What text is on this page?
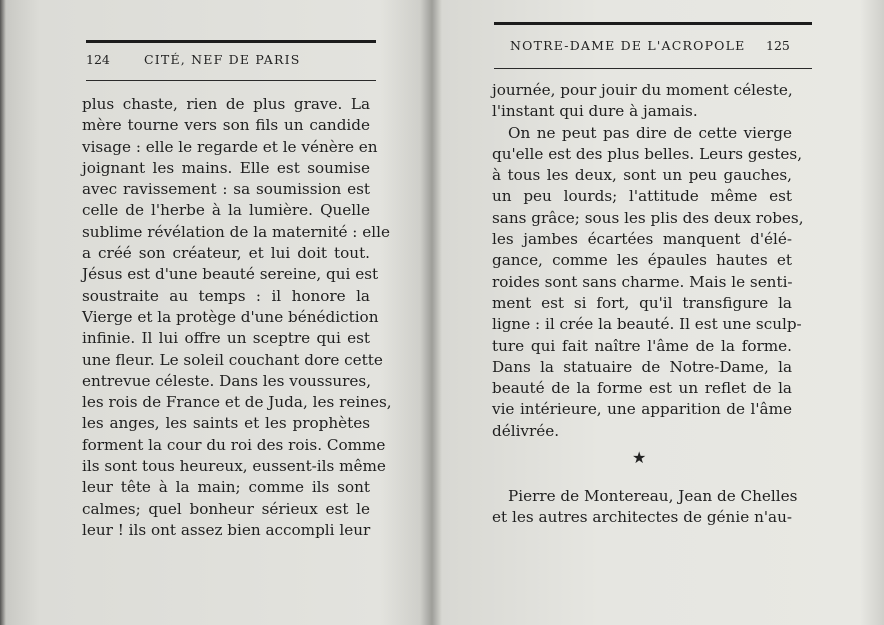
124	CITÉ, NEF DE PARIS
plus chaste, rien de plus grave. La
mère tourne vers son fils un candide
visage : elle le regarde et le vénère en
joignant les mains. Elle est soumise
avec ravissement : sa soumission est
celle de l'herbe à la lumière. Quelle
sublime révélation de la maternité : elle
a créé son créateur, et lui doit tout.
Jésus est d'une beauté sereine, qui est
soustraite au temps : il honore la
Vierge et la protège d'une bénédiction
infinie. Il lui offre un sceptre qui est
une fleur. Le soleil couchant dore cette
entrevue céleste. Dans les voussures,
les rois de France et de Juda, les reines,
les anges, les saints et les prophètes
forment la cour du roi des rois. Comme
ils sont tous heureux, eussent-ils même
leur tête à la main; comme ils sont
calmes; quel bonheur sérieux est le
leur ! ils ont assez bien accompli leur
NOTRE-DAME DE L'ACROPOLE 125
journée, pour jouir du moment céleste,
l'instant qui dure à jamais.
On ne peut pas dire de cette vierge
qu'elle est des plus belles. Leurs gestes,
à tous les deux, sont un peu gauches,
un peu lourds; l'attitude même est
sans grâce; sous les plis des deux robes,
les jambes écartées manquent d'élé-
gance, comme les épaules hautes et
roides sont sans charme. Mais le senti-
ment est si fort, qu'il transfigure la
ligne : il crée la beauté. Il est une sculp-
ture qui fait naître l'âme de la forme.
Dans la statuaire de Notre-Dame, la
beauté de la forme est un reflet de la
vie intérieure, une apparition de l'âme
délivrée.
★
Pierre de Montereau, Jean de Chelles
et les autres architectes de génie n'au-
